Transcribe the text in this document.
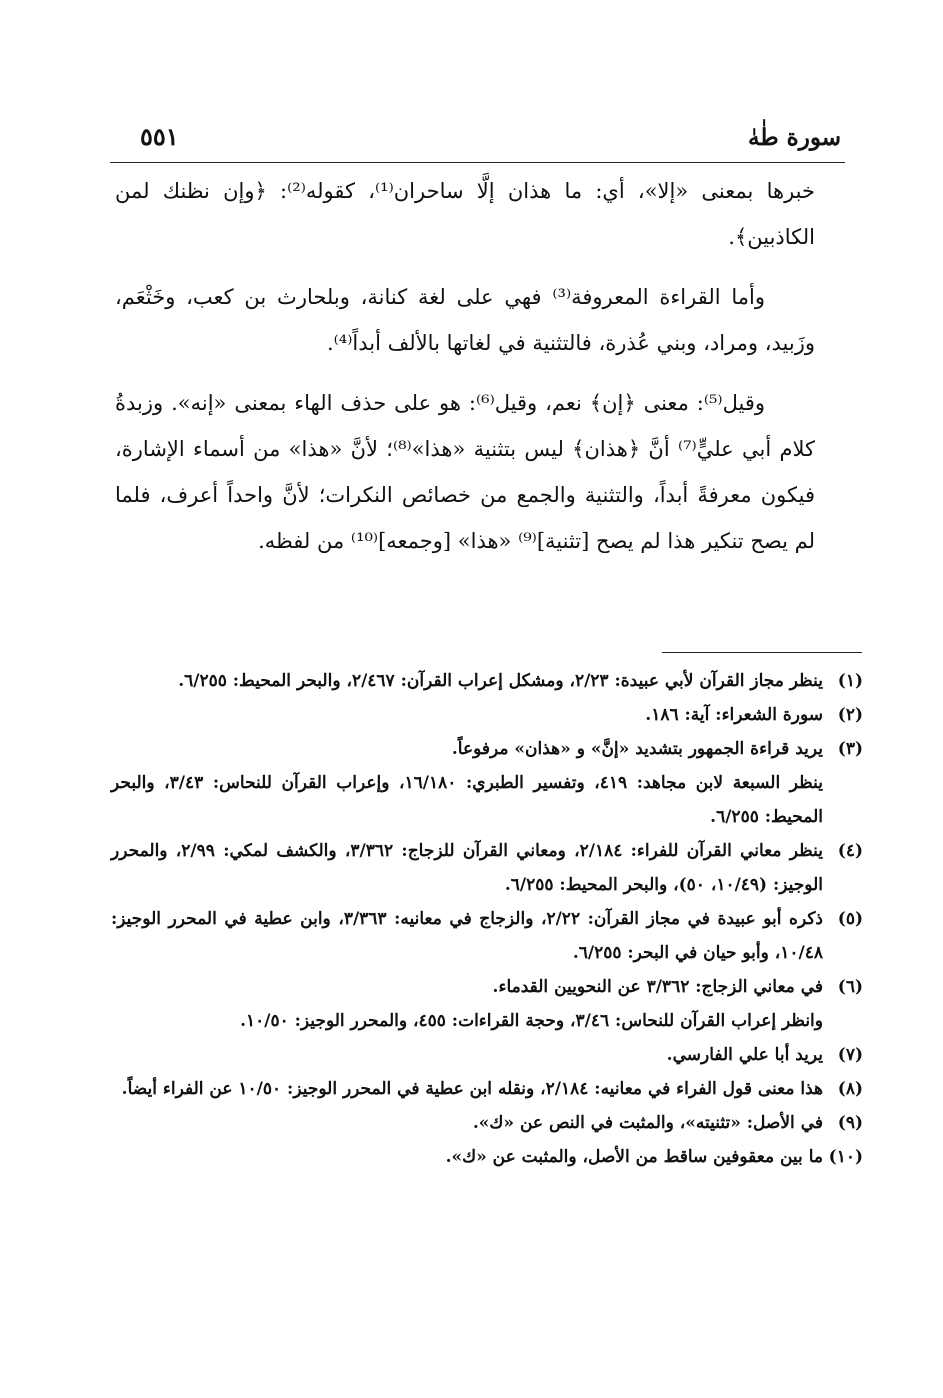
سورة طٰهٰ
٥٥١

خبرها بمعنى «إلا»، أي: ما هذان إلَّا ساحران⁽¹⁾، كقوله⁽²⁾: ﴿وإن نظنك لمن الكاذبين﴾.

وأما القراءة المعروفة⁽³⁾ فهي على لغة كنانة، وبلحارث بن كعب، وخَثْعَم، وزَبيد، ومراد، وبني عُذرة، فالتثنية في لغاتها بالألف أبداً⁽⁴⁾.

وقيل⁽⁵⁾: معنى ﴿إن﴾ نعم، وقيل⁽⁶⁾: هو على حذف الهاء بمعنى «إنه». وزبدةُ كلام أبي عليٍّ⁽⁷⁾ أنَّ ﴿هذان﴾ ليس بتثنية «هذا»⁽⁸⁾؛ لأنَّ «هذا» من أسماء الإشارة، فيكون معرفةً أبداً، والتثنية والجمع من خصائص النكرات؛ لأنَّ واحداً أعرف، فلما لم يصح تنكير هذا لم يصح [تثنية]⁽⁹⁾ «هذا» [وجمعه]⁽¹⁰⁾ من لفظه.

(١)
ينظر مجاز القرآن لأبي عبيدة: ٢/٢٣، ومشكل إعراب القرآن: ٢/٤٦٧، والبحر المحيط: ٦/٢٥٥.
(٢)
سورة الشعراء: آية: ١٨٦.
(٣)
يريد قراءة الجمهور بتشديد «إنَّ» و «هذان» مرفوعاً.
ينظر السبعة لابن مجاهد: ٤١٩، وتفسير الطبري: ١٦/١٨٠، وإعراب القرآن للنحاس: ٣/٤٣، والبحر المحيط: ٦/٢٥٥.
(٤)
ينظر معاني القرآن للفراء: ٢/١٨٤، ومعاني القرآن للزجاج: ٣/٣٦٢، والكشف لمكي: ٢/٩٩، والمحرر الوجيز: (١٠/٤٩، ٥٠)، والبحر المحيط: ٦/٢٥٥.
(٥)
ذكره أبو عبيدة في مجاز القرآن: ٢/٢٢، والزجاج في معانيه: ٣/٣٦٣، وابن عطية في المحرر الوجيز: ١٠/٤٨، وأبو حيان في البحر: ٦/٢٥٥.
(٦)
في معاني الزجاج: ٣/٣٦٢ عن النحويين القدماء.
وانظر إعراب القرآن للنحاس: ٣/٤٦، وحجة القراءات: ٤٥٥، والمحرر الوجيز: ١٠/٥٠.
(٧)
يريد أبا علي الفارسي.
(٨)
هذا معنى قول الفراء في معانيه: ٢/١٨٤، ونقله ابن عطية في المحرر الوجيز: ١٠/٥٠ عن الفراء أيضاً.
(٩)
في الأصل: «تثنيته»، والمثبت في النص عن «ك».
(١٠)
ما بين معقوفين ساقط من الأصل، والمثبت عن «ك».
